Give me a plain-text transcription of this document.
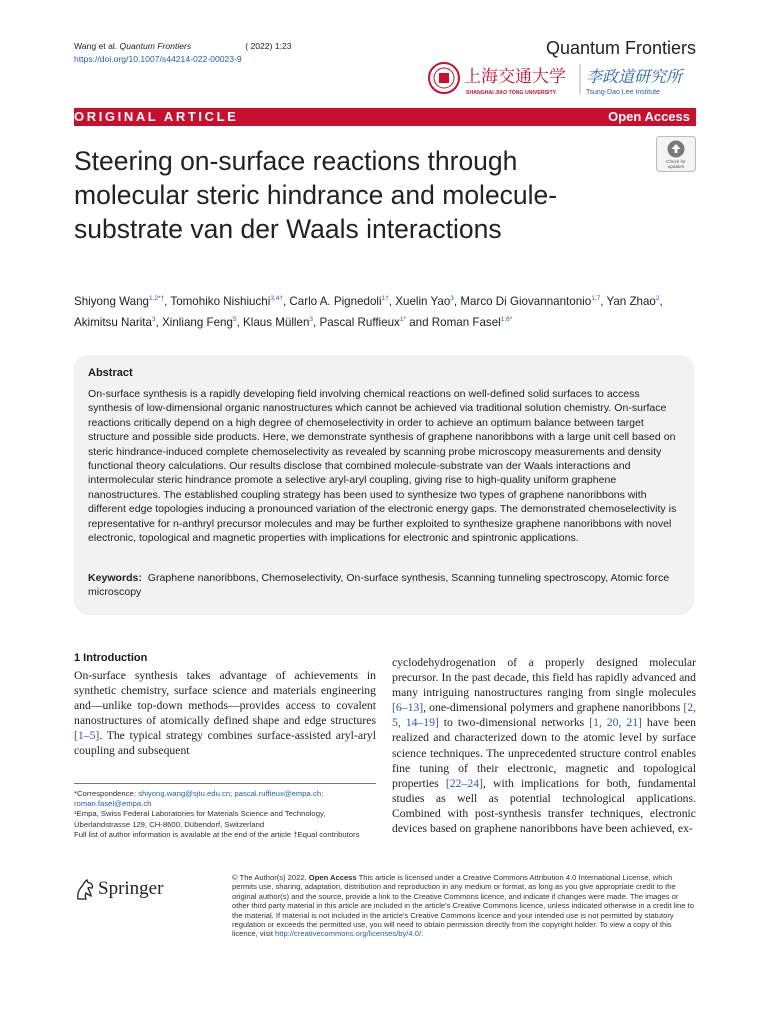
Wang et al. Quantum Frontiers	( 2022) 1:23
https://doi.org/10.1007/s44214-022-00023-9
Quantum Frontiers
上海交通大学
SHANGHAI JIAO TONG UNIVERSITY
李政道研究所
Tsung-Dao Lee Institute
ORIGINAL ARTICLE	Open Access
Steering on-surface reactions through molecular steric hindrance and molecule-substrate van der Waals interactions
Check for
updates
Shiyong Wang$^{1,2*\dagger}$, Tomohiko Nishiuchi$^{3,4\dagger}$, Carlo A. Pignedoli$^{1\dagger}$, Xuelin Yao$^3$, Marco Di Giovannantonio$^{1,7}$, Yan Zhao$^2$, Akimitsu Narita$^3$, Xinliang Feng$^5$, Klaus Müllen$^3$, Pascal Ruffieux$^{1*}$ and Roman Fasel$^{1,6*}$
Abstract
On-surface synthesis is a rapidly developing field involving chemical reactions on well-defined solid surfaces to access synthesis of low-dimensional organic nanostructures which cannot be achieved via traditional solution chemistry. On-surface reactions critically depend on a high degree of chemoselectivity in order to achieve an optimum balance between target structure and possible side products. Here, we demonstrate synthesis of graphene nanoribbons with a large unit cell based on steric hindrance-induced complete chemoselectivity as revealed by scanning probe microscopy measurements and density functional theory calculations. Our results disclose that combined molecule-substrate van der Waals interactions and intermolecular steric hindrance promote a selective aryl-aryl coupling, giving rise to high-quality uniform graphene nanostructures. The established coupling strategy has been used to synthesize two types of graphene nanoribbons with different edge topologies inducing a pronounced variation of the electronic energy gaps. The demonstrated chemoselectivity is representative for n-anthryl precursor molecules and may be further exploited to synthesize graphene nanoribbons with novel electronic, topological and magnetic properties with implications for electronic and spintronic applications.
Keywords: Graphene nanoribbons, Chemoselectivity, On-surface synthesis, Scanning tunneling spectroscopy, Atomic force microscopy
1 Introduction
On-surface synthesis takes advantage of achievements in synthetic chemistry, surface science and materials engineering and—unlike top-down methods—provides access to covalent nanostructures of atomically defined shape and edge structures [1–5]. The typical strategy combines surface-assisted aryl-aryl coupling and subsequent
cyclodehydrogenation of a properly designed molecular precursor. In the past decade, this field has rapidly advanced and many intriguing nanostructures ranging from single molecules [6–13], one-dimensional polymers and graphene nanoribbons [2, 5, 14–19] to two-dimensional networks [1, 20, 21] have been realized and characterized down to the atomic level by surface science techniques. The unprecedented structure control enables fine tuning of their electronic, magnetic and topological properties [22–24], with implications for both, fundamental studies as well as potential technological applications. Combined with post-synthesis transfer techniques, electronic devices based on graphene nanoribbons have been achieved, ex-
*Correspondence: shiyong.wang@sjtu.edu.cn; pascal.ruffieux@empa.ch; roman.fasel@empa.ch
¹Empa, Swiss Federal Laboratories for Materials Science and Technology, Überlandstrasse 129, CH-8600, Dübendorf, Switzerland
Full list of author information is available at the end of the article †Equal contributors
Springer
© The Author(s) 2022. Open Access This article is licensed under a Creative Commons Attribution 4.0 International License, which permits use, sharing, adaptation, distribution and reproduction in any medium or format, as long as you give appropriate credit to the original author(s) and the source, provide a link to the Creative Commons licence, and indicate if changes were made. The images or other third party material in this article are included in the article's Creative Commons licence, unless indicated otherwise in a credit line to the material. If material is not included in the article's Creative Commons licence and your intended use is not permitted by statutory regulation or exceeds the permitted use, you will need to obtain permission directly from the copyright holder. To view a copy of this licence, visit http://creativecommons.org/licenses/by/4.0/.
